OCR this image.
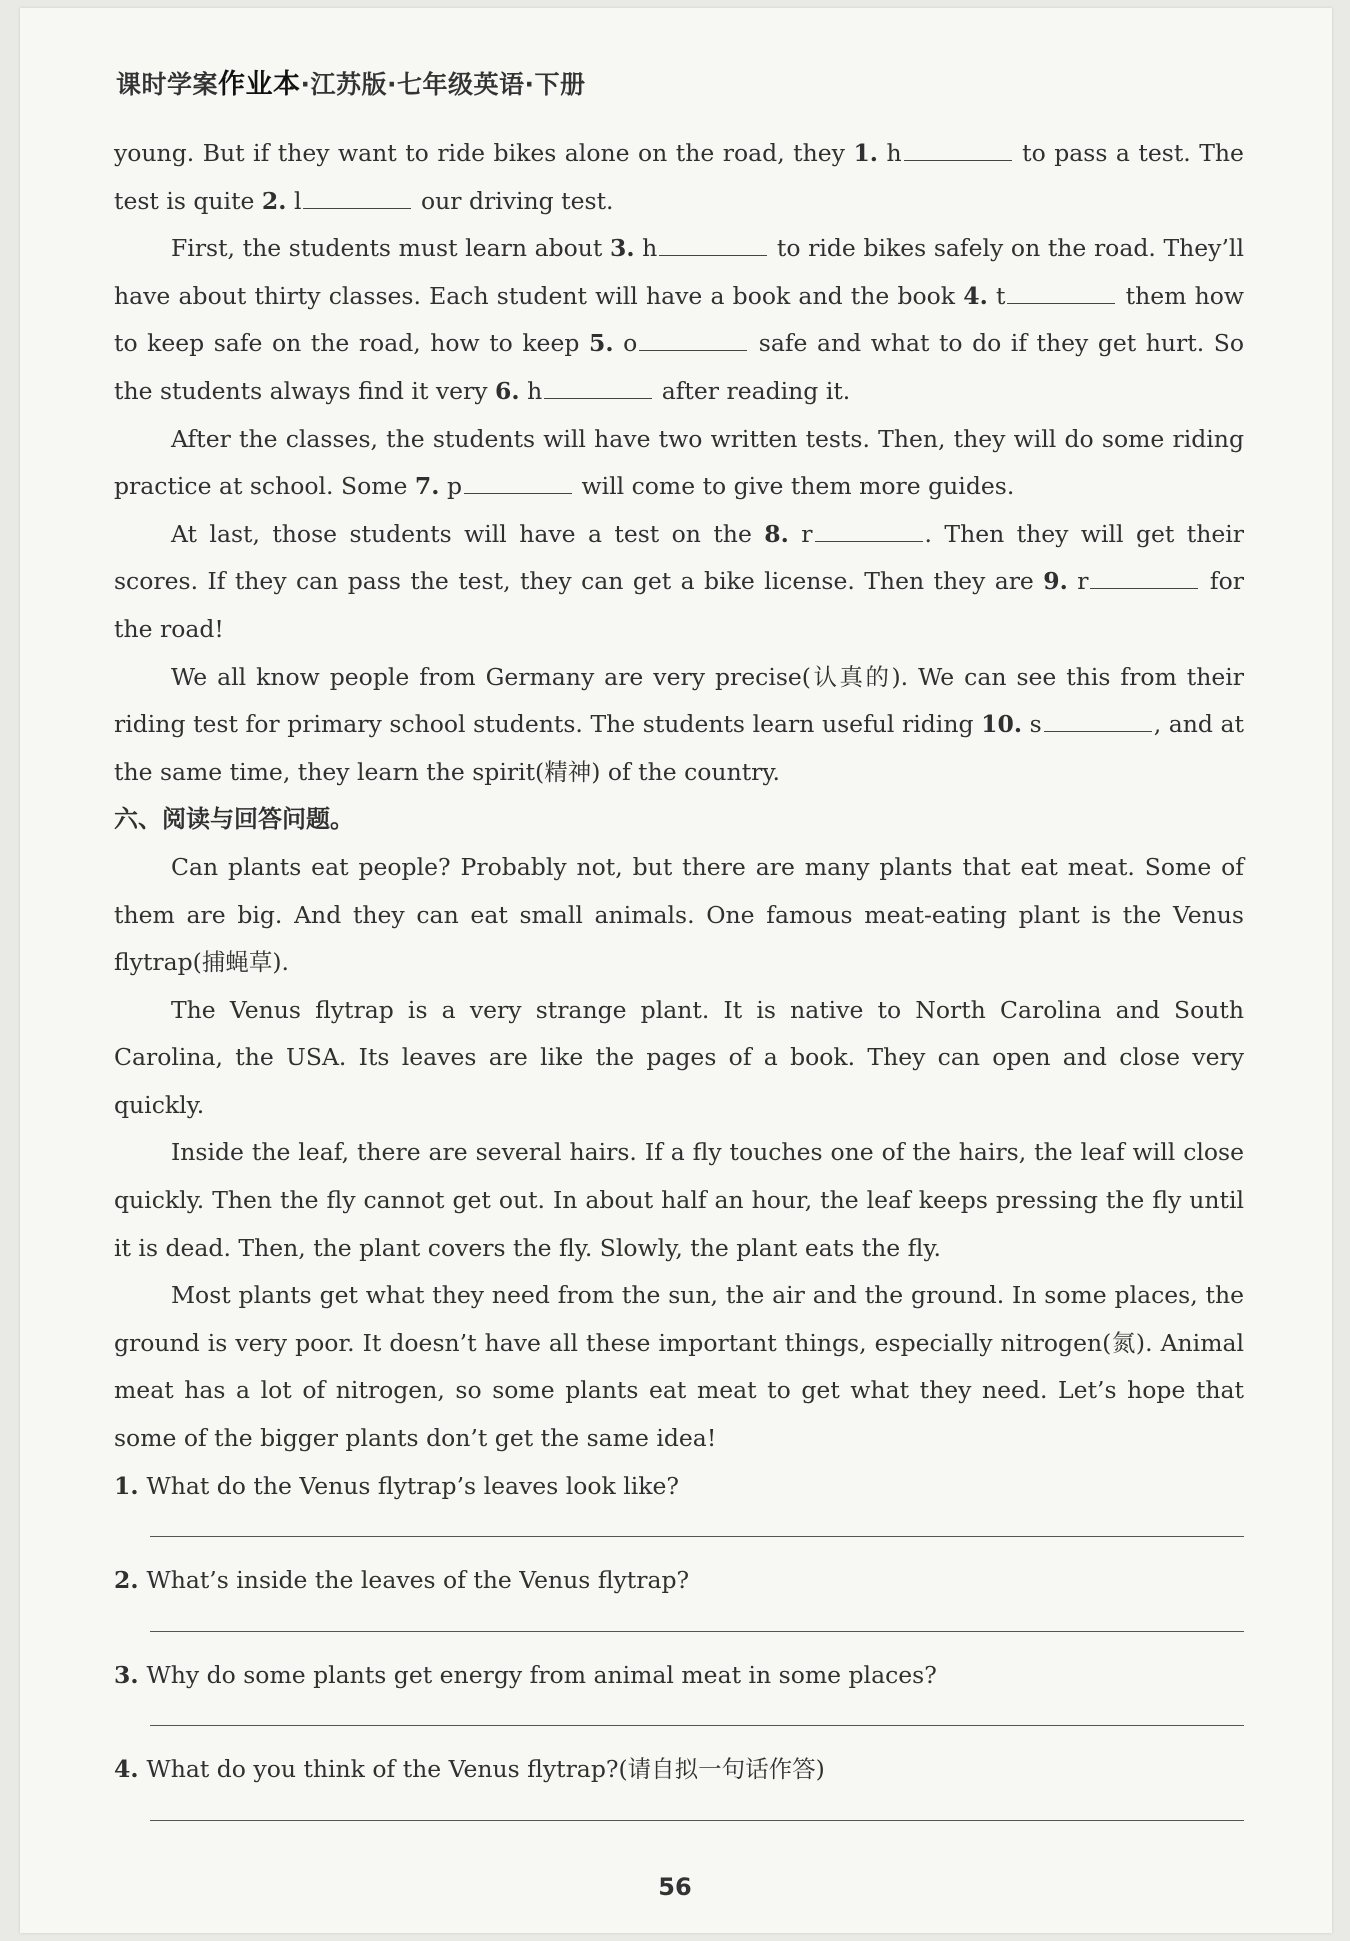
课时学案作业本·江苏版·七年级英语·下册

young. But if they want to ride bikes alone on the road, they 1. h	to pass a test. The test is quite 2. l	our driving test.

First, the students must learn about 3. h	to ride bikes safely on the road. They’ll have about thirty classes. Each student will have a book and the book 4. t	them how to keep safe on the road, how to keep 5. o	safe and what to do if they get hurt. So the students always find it very 6. h	after reading it.

After the classes, the students will have two written tests. Then, they will do some riding practice at school. Some 7. p	will come to give them more guides.

At last, those students will have a test on the 8. r	. Then they will get their scores. If they can pass the test, they can get a bike license. Then they are 9. r	for the road!

We all know people from Germany are very precise(认真的). We can see this from their riding test for primary school students. The students learn useful riding 10. s	, and at the same time, they learn the spirit(精神) of the country.

六、阅读与回答问题。

Can plants eat people? Probably not, but there are many plants that eat meat. Some of them are big. And they can eat small animals. One famous meat-eating plant is the Venus flytrap(捕蝇草).

The Venus flytrap is a very strange plant. It is native to North Carolina and South Carolina, the USA. Its leaves are like the pages of a book. They can open and close very quickly.

Inside the leaf, there are several hairs. If a fly touches one of the hairs, the leaf will close quickly. Then the fly cannot get out. In about half an hour, the leaf keeps pressing the fly until it is dead. Then, the plant covers the fly. Slowly, the plant eats the fly.

Most plants get what they need from the sun, the air and the ground. In some places, the ground is very poor. It doesn’t have all these important things, especially nitrogen(氮). Animal meat has a lot of nitrogen, so some plants eat meat to get what they need. Let’s hope that some of the bigger plants don’t get the same idea!

1. What do the Venus flytrap’s leaves look like?

2. What’s inside the leaves of the Venus flytrap?

3. Why do some plants get energy from animal meat in some places?

4. What do you think of the Venus flytrap?(请自拟一句话作答)

56
